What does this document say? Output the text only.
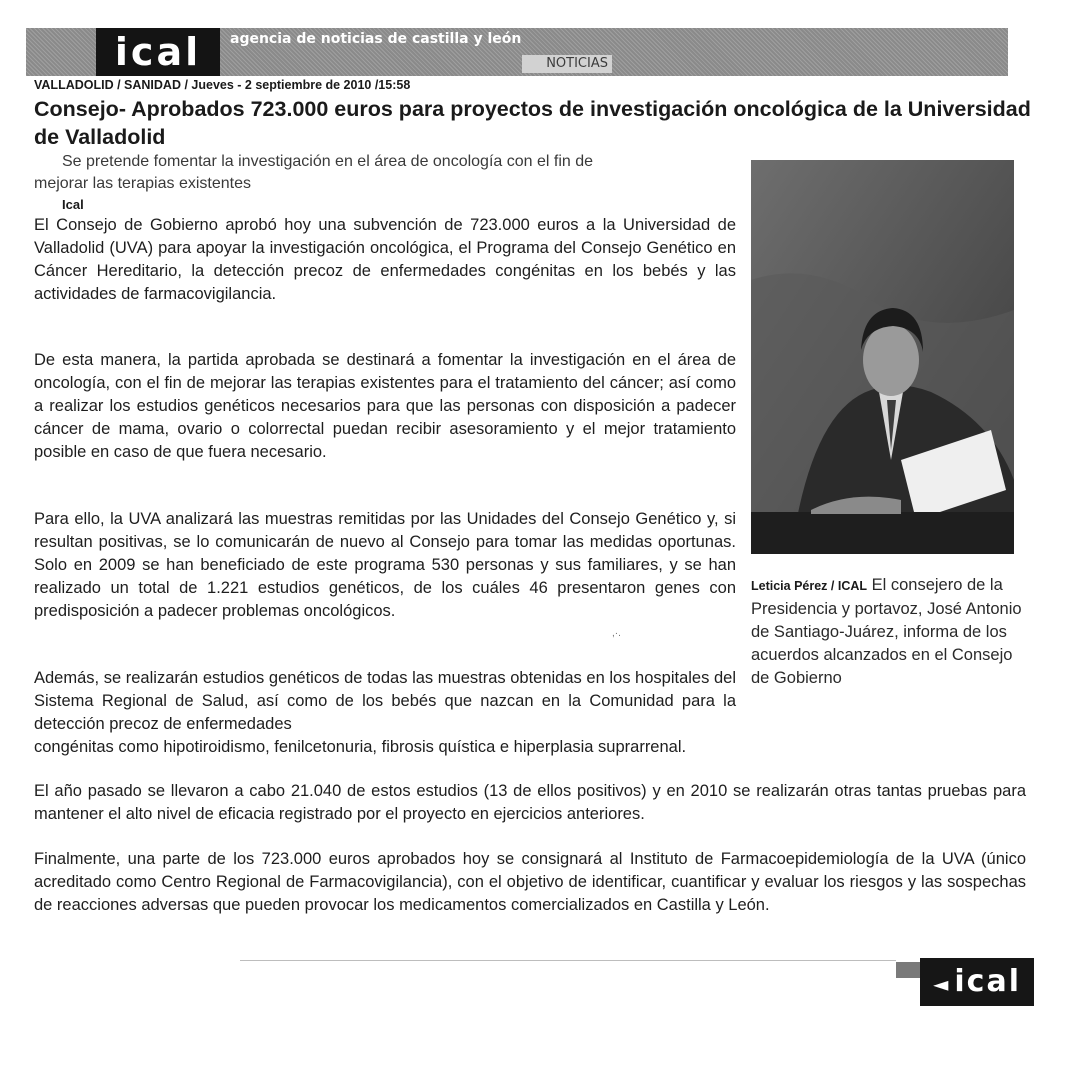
ical	agencia de noticias de castilla y león
NOTICIAS
VALLADOLID / SANIDAD / Jueves - 2 septiembre de 2010 /15:58
Consejo- Aprobados 723.000 euros para proyectos de investigación oncológica de la Universidad de Valladolid

Se pretende fomentar la investigación en el área de oncología con el fin de
mejorar las terapias existentes

Ical

El Consejo de Gobierno aprobó hoy una subvención de 723.000 euros a la Universidad de Valladolid (UVA) para apoyar la investigación oncológica, el Programa del Consejo Genético en Cáncer Hereditario, la detección precoz de enfermedades congénitas en los bebés y las actividades de farmacovigilancia.

De esta manera, la partida aprobada se destinará a fomentar la investigación en el área de oncología, con el fin de mejorar las terapias existentes para el tratamiento del cáncer; así como a realizar los estudios genéticos necesarios para que las personas con disposición a padecer cáncer de mama, ovario o colorrectal puedan recibir asesoramiento y el mejor tratamiento posible en caso de que fuera necesario.

Para ello, la UVA analizará las muestras remitidas por las Unidades del Consejo Genético y, si resultan positivas, se lo comunicarán de nuevo al Consejo para tomar las medidas oportunas. Solo en 2009 se han beneficiado de este programa 530 personas y sus familiares, y se han realizado un total de 1.221 estudios genéticos, de los cuáles 46 presentaron genes con predisposición a padecer problemas oncológicos.

Además, se realizarán estudios genéticos de todas las muestras obtenidas en los hospitales del Sistema Regional de Salud, así como de los bebés que nazcan en la Comunidad para la detección precoz de enfermedades

congénitas como hipotiroidismo, fenilcetonuria, fibrosis quística e hiperplasia suprarrenal.

El año pasado se llevaron a cabo 21.040 de estos estudios (13 de ellos positivos) y en 2010 se realizarán otras tantas pruebas para mantener el alto nivel de eficacia registrado por el proyecto en ejercicios anteriores.

Finalmente, una parte de los 723.000 euros aprobados hoy se consignará al Instituto de Farmacoepidemiología de la UVA (único acreditado como Centro Regional de Farmacovigilancia), con el objetivo de identificar, cuantificar y evaluar los riesgos y las sospechas de reacciones adversas que pueden provocar los medicamentos comercializados en Castilla y León.

,·.

Leticia Pérez / ICAL El consejero de la Presidencia y portavoz, José Antonio de Santiago-Juárez, informa de los acuerdos alcanzados en el Consejo de Gobierno

◄ ical
